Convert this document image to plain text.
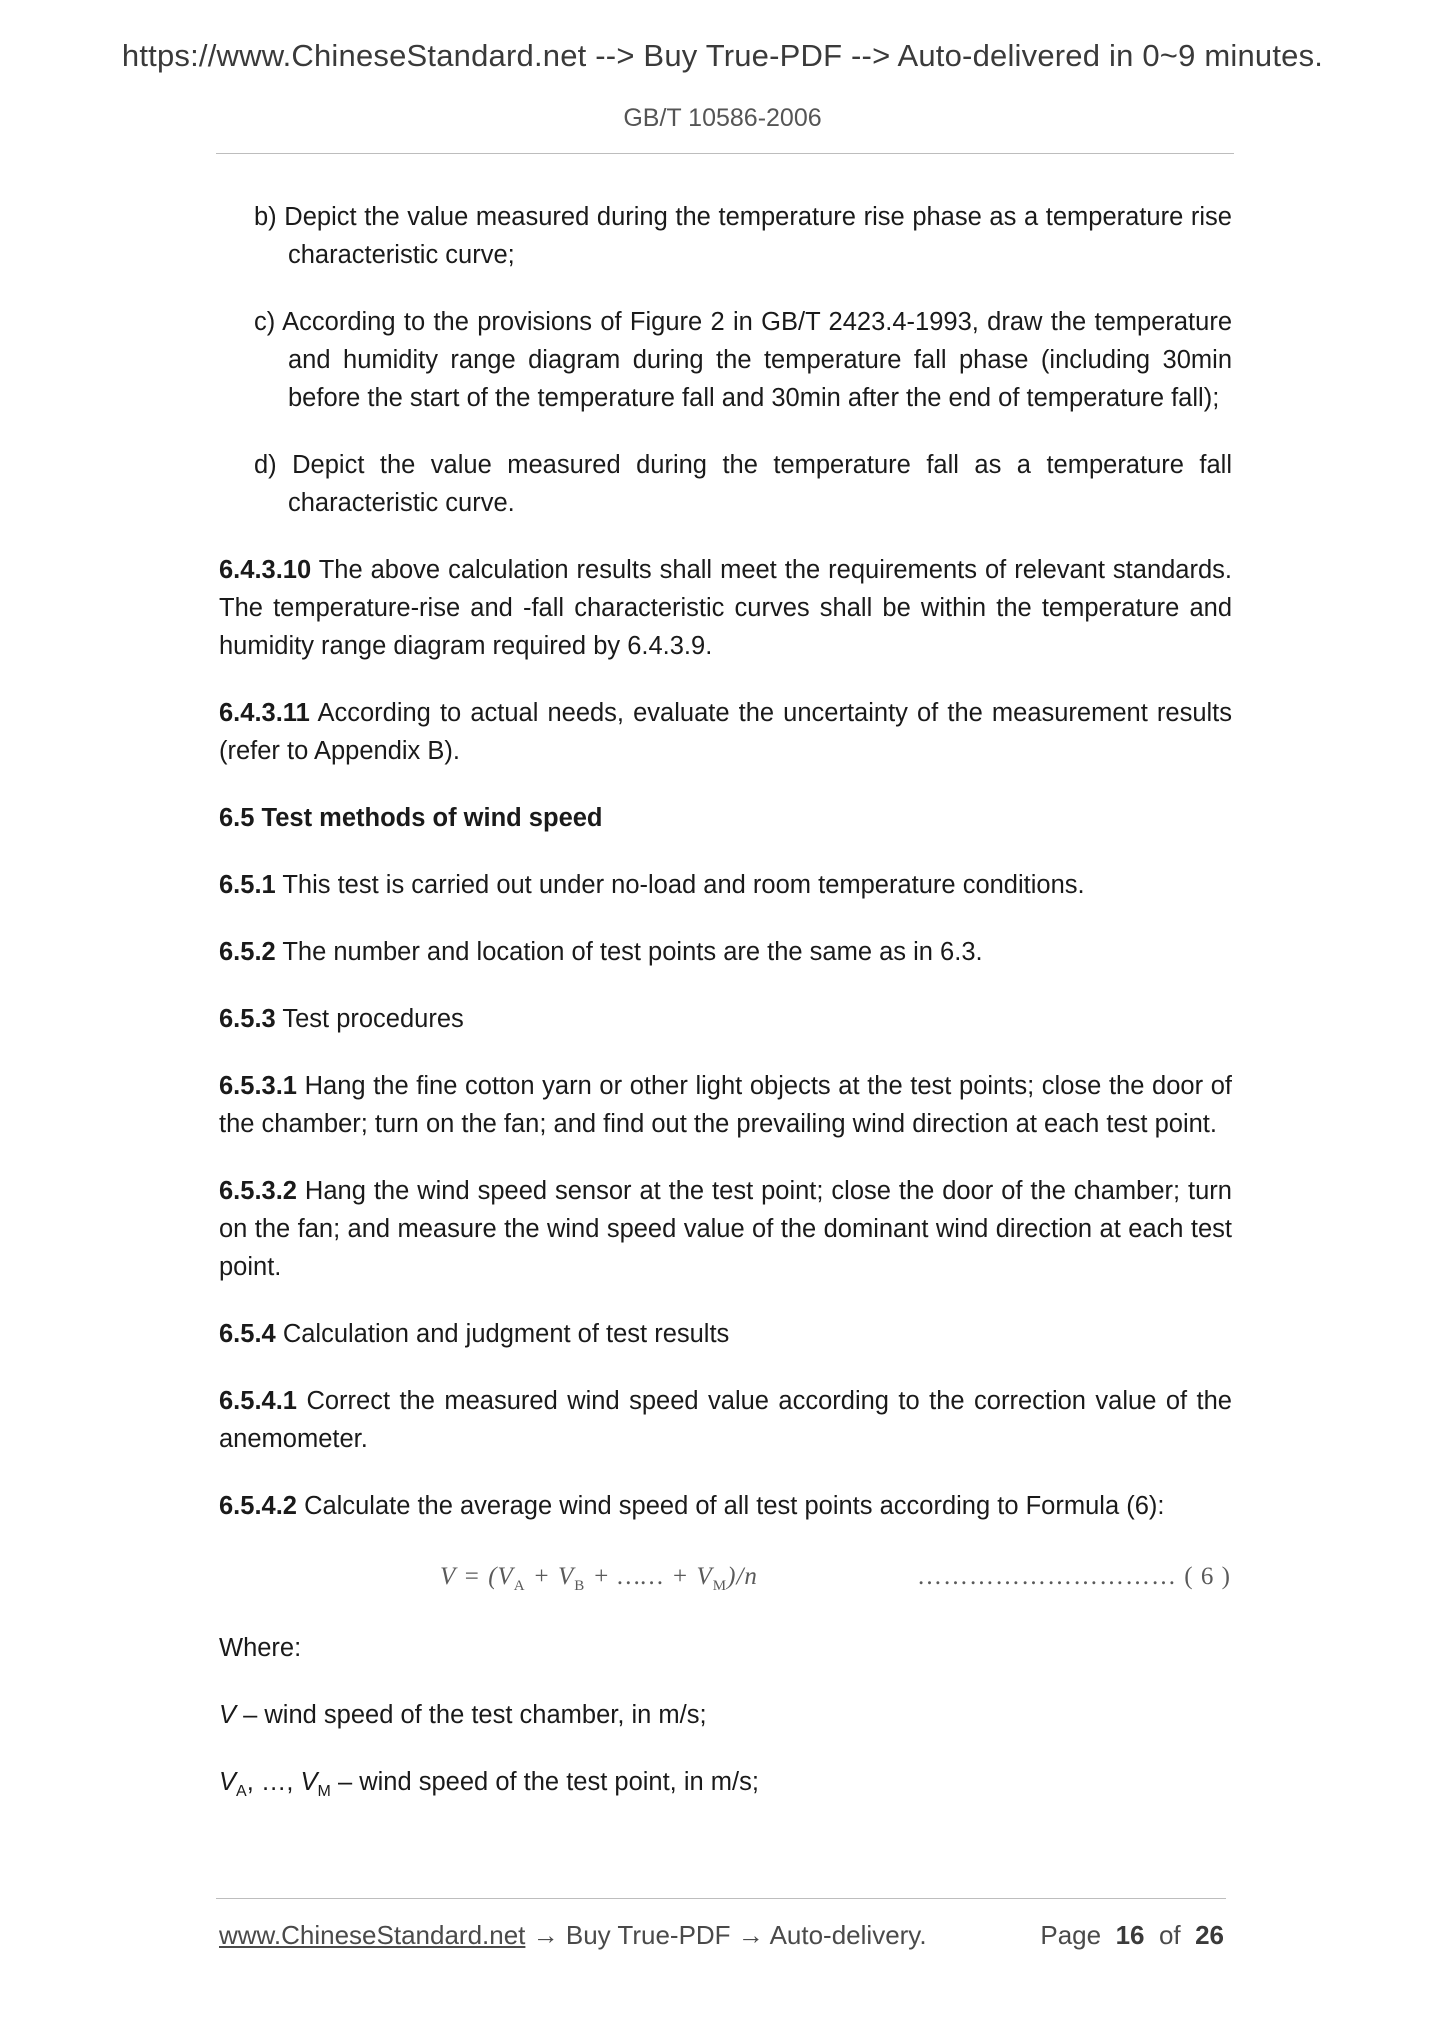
https://www.ChineseStandard.net --> Buy True-PDF --> Auto-delivered in 0~9 minutes.
GB/T 10586-2006

b) Depict the value measured during the temperature rise phase as a temperature rise characteristic curve;

c) According to the provisions of Figure 2 in GB/T 2423.4-1993, draw the temperature and humidity range diagram during the temperature fall phase (including 30min before the start of the temperature fall and 30min after the end of temperature fall);

d) Depict the value measured during the temperature fall as a temperature fall characteristic curve.

6.4.3.10 The above calculation results shall meet the requirements of relevant standards. The temperature-rise and -fall characteristic curves shall be within the temperature and humidity range diagram required by 6.4.3.9.

6.4.3.11 According to actual needs, evaluate the uncertainty of the measurement results (refer to Appendix B).

6.5 Test methods of wind speed

6.5.1 This test is carried out under no-load and room temperature conditions.

6.5.2 The number and location of test points are the same as in 6.3.

6.5.3 Test procedures

6.5.3.1 Hang the fine cotton yarn or other light objects at the test points; close the door of the chamber; turn on the fan; and find out the prevailing wind direction at each test point.

6.5.3.2 Hang the wind speed sensor at the test point; close the door of the chamber; turn on the fan; and measure the wind speed value of the dominant wind direction at each test point.

6.5.4 Calculation and judgment of test results

6.5.4.1 Correct the measured wind speed value according to the correction value of the anemometer.

6.5.4.2 Calculate the average wind speed of all test points according to Formula (6):

$V = (V_A + V_B$ + …… + $V_M)/n$	………………………… ( 6 )

Where:

V – wind speed of the test chamber, in m/s;

$V_A$, …, $V_M$ – wind speed of the test point, in m/s;

www.ChineseStandard.net → Buy True-PDF → Auto-delivery.	Page 16 of 26
